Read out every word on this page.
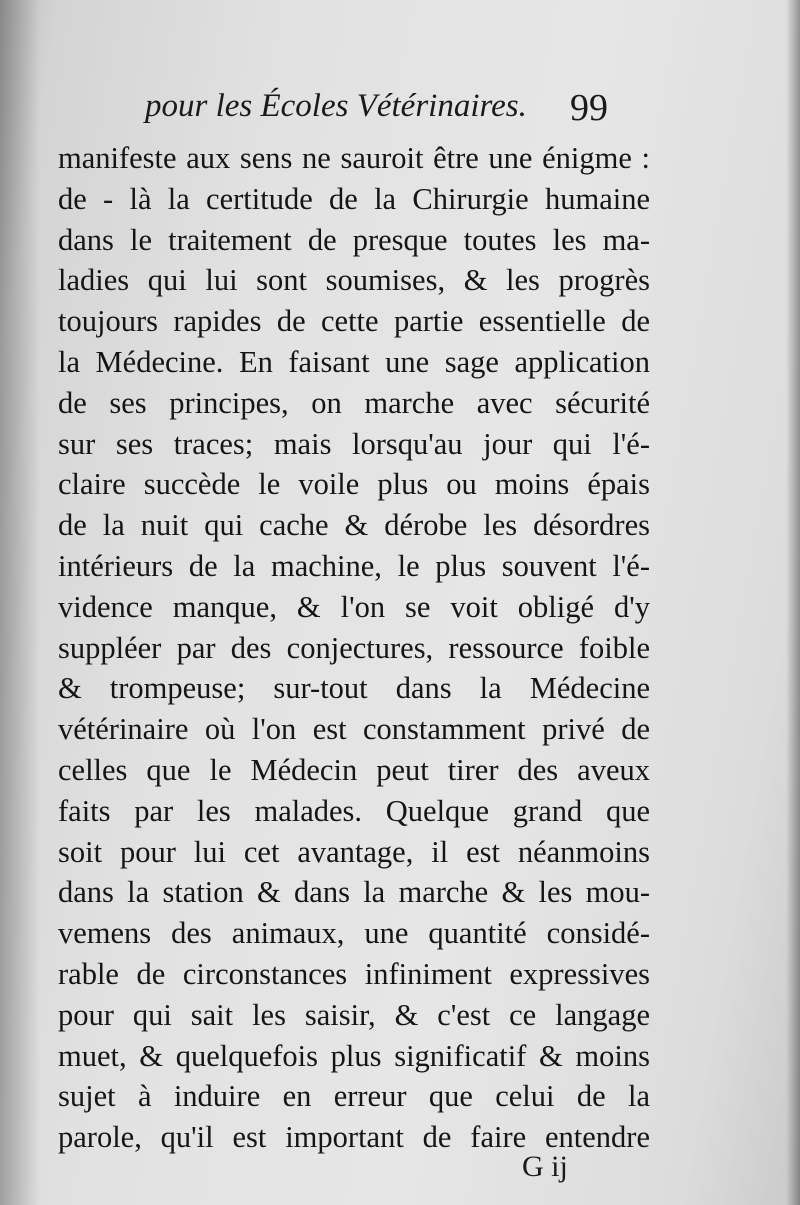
pour les Écoles Vétérinaires. 99
manifeste aux sens ne sauroit être une énigme :
de - là la certitude de la Chirurgie humaine
dans le traitement de presque toutes les ma-
ladies qui lui sont soumises, & les progrès
toujours rapides de cette partie essentielle de
la Médecine. En faisant une sage application
de ses principes, on marche avec sécurité
sur ses traces; mais lorsqu'au jour qui l'é-
claire succède le voile plus ou moins épais
de la nuit qui cache & dérobe les désordres
intérieurs de la machine, le plus souvent l'é-
vidence manque, & l'on se voit obligé d'y
suppléer par des conjectures, ressource foible
& trompeuse; sur-tout dans la Médecine
vétérinaire où l'on est constamment privé de
celles que le Médecin peut tirer des aveux
faits par les malades. Quelque grand que
soit pour lui cet avantage, il est néanmoins
dans la station & dans la marche & les mou-
vemens des animaux, une quantité considé-
rable de circonstances infiniment expressives
pour qui sait les saisir, & c'est ce langage
muet, & quelquefois plus significatif & moins
sujet à induire en erreur que celui de la
parole, qu'il est important de faire entendre
G ij
